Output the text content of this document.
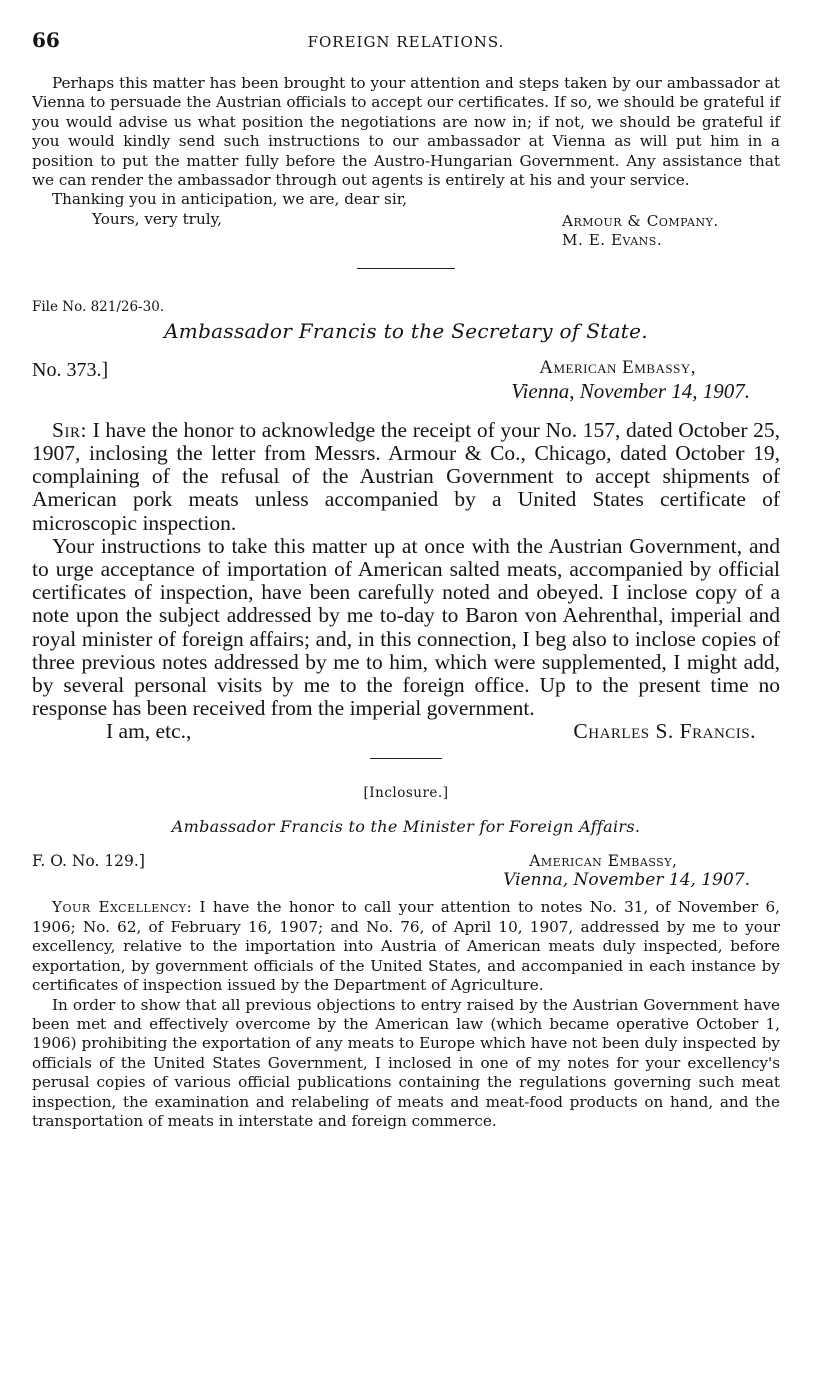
66	FOREIGN RELATIONS.

Perhaps this matter has been brought to your attention and steps taken by our ambassador at Vienna to persuade the Austrian officials to accept our certificates. If so, we should be grateful if you would advise us what position the negotiations are now in; if not, we should be grateful if you would kindly send such instructions to our ambassador at Vienna as will put him in a position to put the matter fully before the Austro-Hungarian Government. Any assistance that we can render the ambassador through out agents is entirely at his and your service.

Thanking you in anticipation, we are, dear sir,

Yours, very truly,	Armour & Company.
M. E. Evans.
File No. 821/26-30.
Ambassador Francis to the Secretary of State.
No. 373.]	American Embassy,
Vienna, November 14, 1907.

Sir: I have the honor to acknowledge the receipt of your No. 157, dated October 25, 1907, inclosing the letter from Messrs. Armour & Co., Chicago, dated October 19, complaining of the refusal of the Austrian Government to accept shipments of American pork meats unless accompanied by a United States certificate of microscopic inspection.

Your instructions to take this matter up at once with the Austrian Government, and to urge acceptance of importation of American salted meats, accompanied by official certificates of inspection, have been carefully noted and obeyed. I inclose copy of a note upon the subject addressed by me to-day to Baron von Aehrenthal, imperial and royal minister of foreign affairs; and, in this connection, I beg also to inclose copies of three previous notes addressed by me to him, which were supplemented, I might add, by several personal visits by me to the foreign office. Up to the present time no response has been received from the imperial government.

I am, etc.,	Charles S. Francis.
[Inclosure.]
Ambassador Francis to the Minister for Foreign Affairs.
F. O. No. 129.]	American Embassy,
Vienna, November 14, 1907.

Your Excellency: I have the honor to call your attention to notes No. 31, of November 6, 1906; No. 62, of February 16, 1907; and No. 76, of April 10, 1907, addressed by me to your excellency, relative to the importation into Austria of American meats duly inspected, before exportation, by government officials of the United States, and accompanied in each instance by certificates of inspection issued by the Department of Agriculture.

In order to show that all previous objections to entry raised by the Austrian Government have been met and effectively overcome by the American law (which became operative October 1, 1906) prohibiting the exportation of any meats to Europe which have not been duly inspected by officials of the United States Government, I inclosed in one of my notes for your excellency's perusal copies of various official publications containing the regulations governing such meat inspection, the examination and relabeling of meats and meat-food products on hand, and the transportation of meats in interstate and foreign commerce.
